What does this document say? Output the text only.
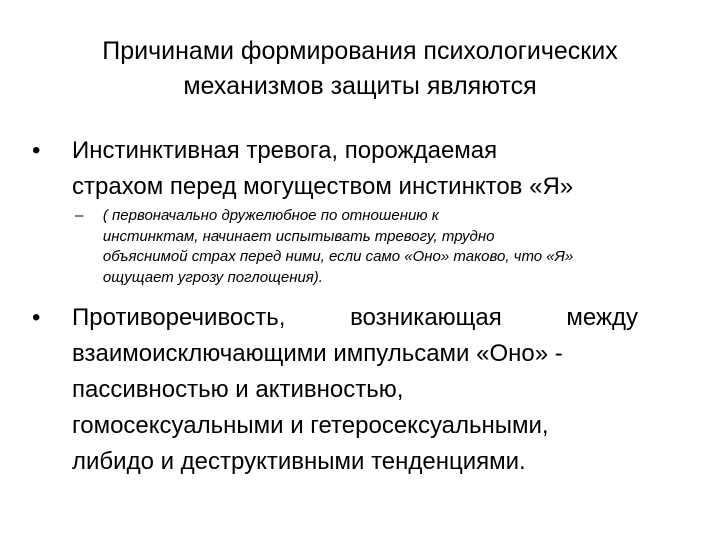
Причинами формирования психологических
механизмов защиты являются
•	Инстинктивная тревога, порождаемая
страхом перед могуществом инстинктов «Я»

–	( первоначально дружелюбное по отношению к
инстинктам, начинает испытывать тревогу, трудно
объяснимой страх перед ними, если само «Оно» таково, что «Я»
ощущает угрозу поглощения).

•	Противоречивость,	возникающая	между
взаимоисключающими импульсами «Оно» -
пассивностью и активностью,
гомосексуальными и гетеросексуальными,
либидо и деструктивными тенденциями.
